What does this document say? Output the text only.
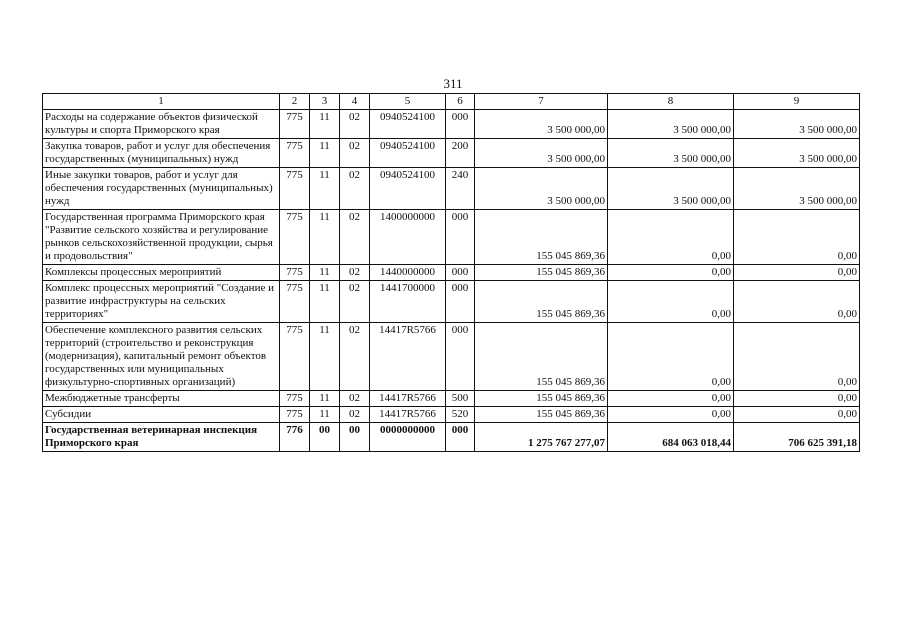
311
1	2	3	4	5	6	7	8	9
Расходы на содержание объектов физической культуры и спорта Приморского края	775	11	02	0940524100	000	3 500 000,00	3 500 000,00	3 500 000,00
Закупка товаров, работ и услуг для обеспечения государственных (муниципальных) нужд	775	11	02	0940524100	200	3 500 000,00	3 500 000,00	3 500 000,00
Иные закупки товаров, работ и услуг для обеспечения государственных (муниципальных) нужд	775	11	02	0940524100	240	3 500 000,00	3 500 000,00	3 500 000,00
Государственная программа Приморского края "Развитие сельского хозяйства и регулирование рынков сельскохозяйственной продукции, сырья и продовольствия"	775	11	02	1400000000	000	155 045 869,36	0,00	0,00
Комплексы процессных мероприятий	775	11	02	1440000000	000	155 045 869,36	0,00	0,00
Комплекс процессных мероприятий "Создание и развитие инфраструктуры на сельских территориях"	775	11	02	1441700000	000	155 045 869,36	0,00	0,00
Обеспечение комплексного развития сельских территорий (строительство и реконструкция (модернизация), капитальный ремонт объектов государственных или муниципальных физкультурно-спортивных организаций)	775	11	02	14417R5766	000	155 045 869,36	0,00	0,00
Межбюджетные трансферты	775	11	02	14417R5766	500	155 045 869,36	0,00	0,00
Субсидии	775	11	02	14417R5766	520	155 045 869,36	0,00	0,00
Государственная ветеринарная инспекция Приморского края	776	00	00	0000000000	000	1 275 767 277,07	684 063 018,44	706 625 391,18
